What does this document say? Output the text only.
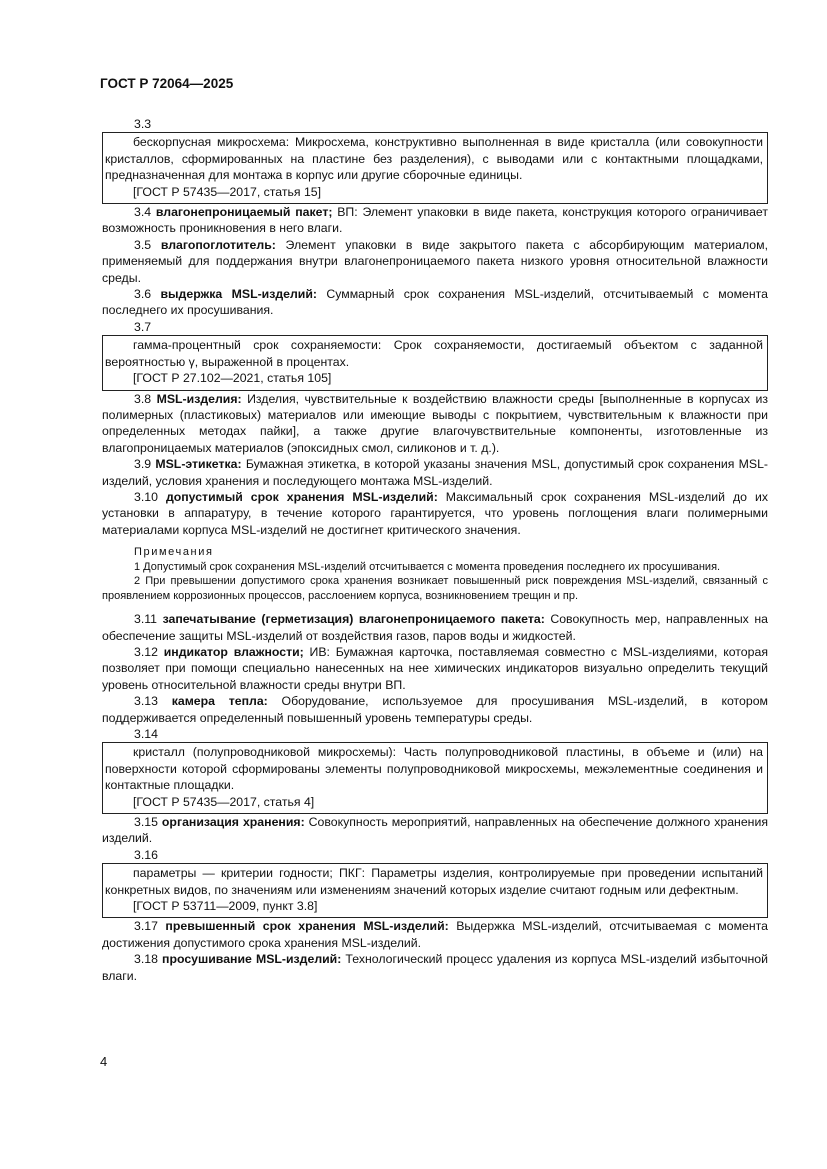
ГОСТ Р 72064—2025
3.3
бескорпусная микросхема: Микросхема, конструктивно выполненная в виде кристалла (или совокупности кристаллов, сформированных на пластине без разделения), с выводами или с контактными площадками, предназначенная для монтажа в корпус или другие сборочные единицы.
[ГОСТ Р 57435—2017, статья 15]
3.4 влагонепроницаемый пакет; ВП: Элемент упаковки в виде пакета, конструкция которого ограничивает возможность проникновения в него влаги.
3.5 влагопоглотитель: Элемент упаковки в виде закрытого пакета с абсорбирующим материалом, применяемый для поддержания внутри влагонепроницаемого пакета низкого уровня относительной влажности среды.
3.6 выдержка MSL-изделий: Суммарный срок сохранения MSL-изделий, отсчитываемый с момента последнего их просушивания.
3.7
гамма-процентный срок сохраняемости: Срок сохраняемости, достигаемый объектом с заданной вероятностью γ, выраженной в процентах.
[ГОСТ Р 27.102—2021, статья 105]
3.8 MSL-изделия: Изделия, чувствительные к воздействию влажности среды [выполненные в корпусах из полимерных (пластиковых) материалов или имеющие выводы с покрытием, чувствительным к влажности при определенных методах пайки], а также другие влагочувствительные компоненты, изготовленные из влагопроницаемых материалов (эпоксидных смол, силиконов и т. д.).
3.9 MSL-этикетка: Бумажная этикетка, в которой указаны значения MSL, допустимый срок сохранения MSL-изделий, условия хранения и последующего монтажа MSL-изделий.
3.10 допустимый срок хранения MSL-изделий: Максимальный срок сохранения MSL-изделий до их установки в аппаратуру, в течение которого гарантируется, что уровень поглощения влаги полимерными материалами корпуса MSL-изделий не достигнет критического значения.
Примечания
1 Допустимый срок сохранения MSL-изделий отсчитывается с момента проведения последнего их просушивания.
2 При превышении допустимого срока хранения возникает повышенный риск повреждения MSL-изделий, связанный с проявлением коррозионных процессов, расслоением корпуса, возникновением трещин и пр.
3.11 запечатывание (герметизация) влагонепроницаемого пакета: Совокупность мер, направленных на обеспечение защиты MSL-изделий от воздействия газов, паров воды и жидкостей.
3.12 индикатор влажности; ИВ: Бумажная карточка, поставляемая совместно с MSL-изделиями, которая позволяет при помощи специально нанесенных на нее химических индикаторов визуально определить текущий уровень относительной влажности среды внутри ВП.
3.13 камера тепла: Оборудование, используемое для просушивания MSL-изделий, в котором поддерживается определенный повышенный уровень температуры среды.
3.14
кристалл (полупроводниковой микросхемы): Часть полупроводниковой пластины, в объеме и (или) на поверхности которой сформированы элементы полупроводниковой микросхемы, межэлементные соединения и контактные площадки.
[ГОСТ Р 57435—2017, статья 4]
3.15 организация хранения: Совокупность мероприятий, направленных на обеспечение должного хранения изделий.
3.16
параметры — критерии годности; ПКГ: Параметры изделия, контролируемые при проведении испытаний конкретных видов, по значениям или изменениям значений которых изделие считают годным или дефектным.
[ГОСТ Р 53711—2009, пункт 3.8]
3.17 превышенный срок хранения MSL-изделий: Выдержка MSL-изделий, отсчитываемая с момента достижения допустимого срока хранения MSL-изделий.
3.18 просушивание MSL-изделий: Технологический процесс удаления из корпуса MSL-изделий избыточной влаги.
4
